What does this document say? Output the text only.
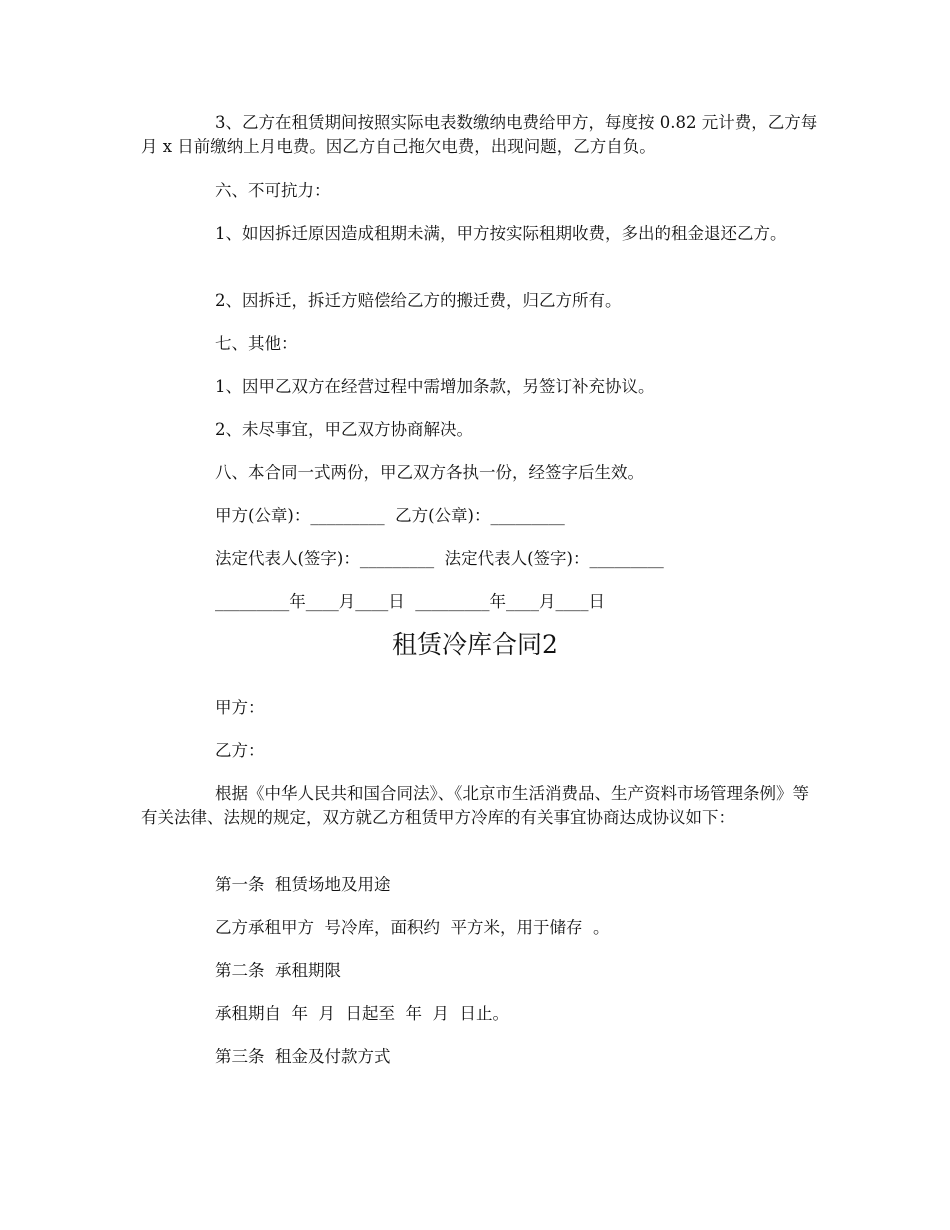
3、乙方在租赁期间按照实际电表数缴纳电费给甲方，每度按 0.82 元计费，乙方每月 x 日前缴纳上月电费。因乙方自己拖欠电费，出现问题，乙方自负。

六、不可抗力：

1、如因拆迁原因造成租期未满，甲方按实际租期收费，多出的租金退还乙方。

2、因拆迁，拆迁方赔偿给乙方的搬迁费，归乙方所有。

七、其他：

1、因甲乙双方在经营过程中需增加条款，另签订补充协议。

2、未尽事宜，甲乙双方协商解决。

八、本合同一式两份，甲乙双方各执一份，经签字后生效。

甲方(公章)：_________  乙方(公章)：_________

法定代表人(签字)：_________  法定代表人(签字)：_________

_________年____月____日  _________年____月____日

租赁冷库合同2

甲方：

乙方：

根据《中华人民共和国合同法》、《北京市生活消费品、生产资料市场管理条例》等有关法律、法规的规定，双方就乙方租赁甲方冷库的有关事宜协商达成协议如下：

第一条  租赁场地及用途

乙方承租甲方  号冷库，面积约  平方米，用于储存  。

第二条  承租期限

承租期自  年  月  日起至  年  月  日止。

第三条  租金及付款方式
